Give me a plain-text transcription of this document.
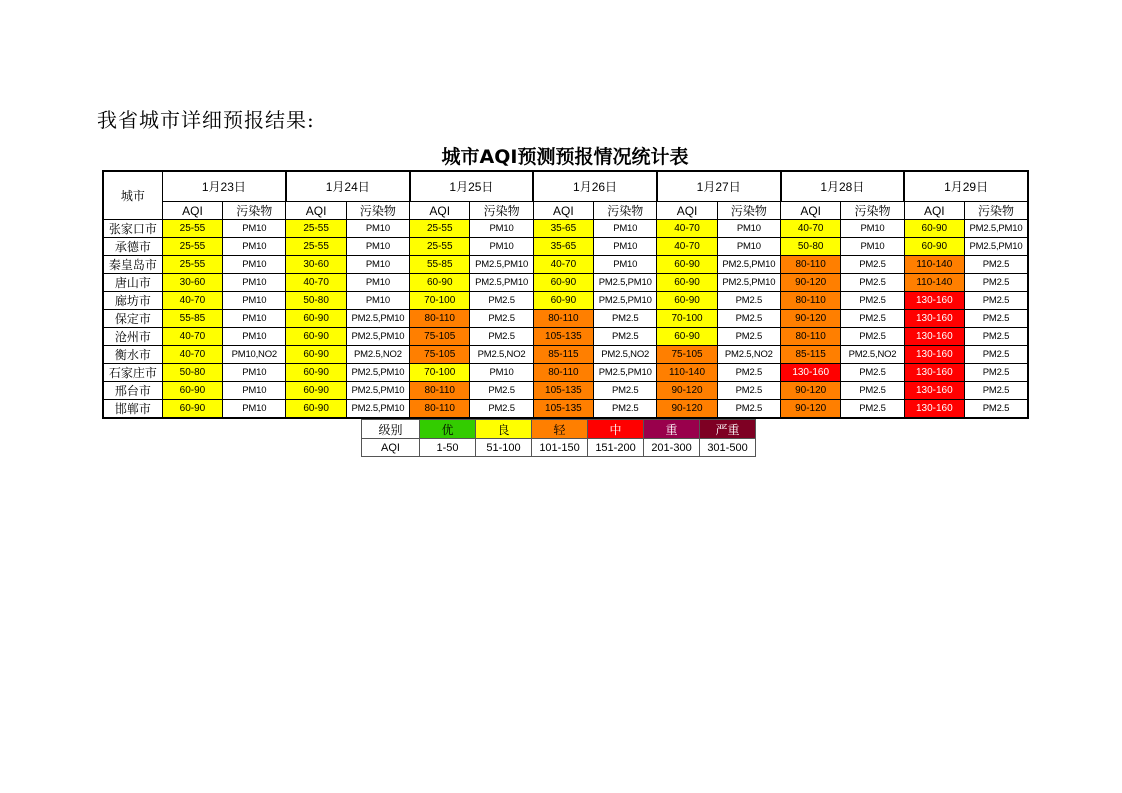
我省城市详细预报结果:
城市AQI预测预报情况统计表
城市	1月23日		1月24日		1月25日		1月26日		1月27日		1月28日		1月29日	
	AQI	污染物	AQI	污染物	AQI	污染物	AQI	污染物	AQI	污染物	AQI	污染物	AQI	污染物
张家口市	25-55	PM10	25-55	PM10	25-55	PM10	35-65	PM10	40-70	PM10	40-70	PM10	60-90	PM2.5,PM10
承德市	25-55	PM10	25-55	PM10	25-55	PM10	35-65	PM10	40-70	PM10	50-80	PM10	60-90	PM2.5,PM10
秦皇岛市	25-55	PM10	30-60	PM10	55-85	PM2.5,PM10	40-70	PM10	60-90	PM2.5,PM10	80-110	PM2.5	110-140	PM2.5
唐山市	30-60	PM10	40-70	PM10	60-90	PM2.5,PM10	60-90	PM2.5,PM10	60-90	PM2.5,PM10	90-120	PM2.5	110-140	PM2.5
廊坊市	40-70	PM10	50-80	PM10	70-100	PM2.5	60-90	PM2.5,PM10	60-90	PM2.5	80-110	PM2.5	130-160	PM2.5
保定市	55-85	PM10	60-90	PM2.5,PM10	80-110	PM2.5	80-110	PM2.5	70-100	PM2.5	90-120	PM2.5	130-160	PM2.5
沧州市	40-70	PM10	60-90	PM2.5,PM10	75-105	PM2.5	105-135	PM2.5	60-90	PM2.5	80-110	PM2.5	130-160	PM2.5
衡水市	40-70	PM10,NO2	60-90	PM2.5,NO2	75-105	PM2.5,NO2	85-115	PM2.5,NO2	75-105	PM2.5,NO2	85-115	PM2.5,NO2	130-160	PM2.5
石家庄市	50-80	PM10	60-90	PM2.5,PM10	70-100	PM10	80-110	PM2.5,PM10	110-140	PM2.5	130-160	PM2.5	130-160	PM2.5
邢台市	60-90	PM10	60-90	PM2.5,PM10	80-110	PM2.5	105-135	PM2.5	90-120	PM2.5	90-120	PM2.5	130-160	PM2.5
邯郸市	60-90	PM10	60-90	PM2.5,PM10	80-110	PM2.5	105-135	PM2.5	90-120	PM2.5	90-120	PM2.5	130-160	PM2.5
级别	优	良	轻	中	重	严重
AQI	1-50	51-100	101-150	151-200	201-300	301-500
